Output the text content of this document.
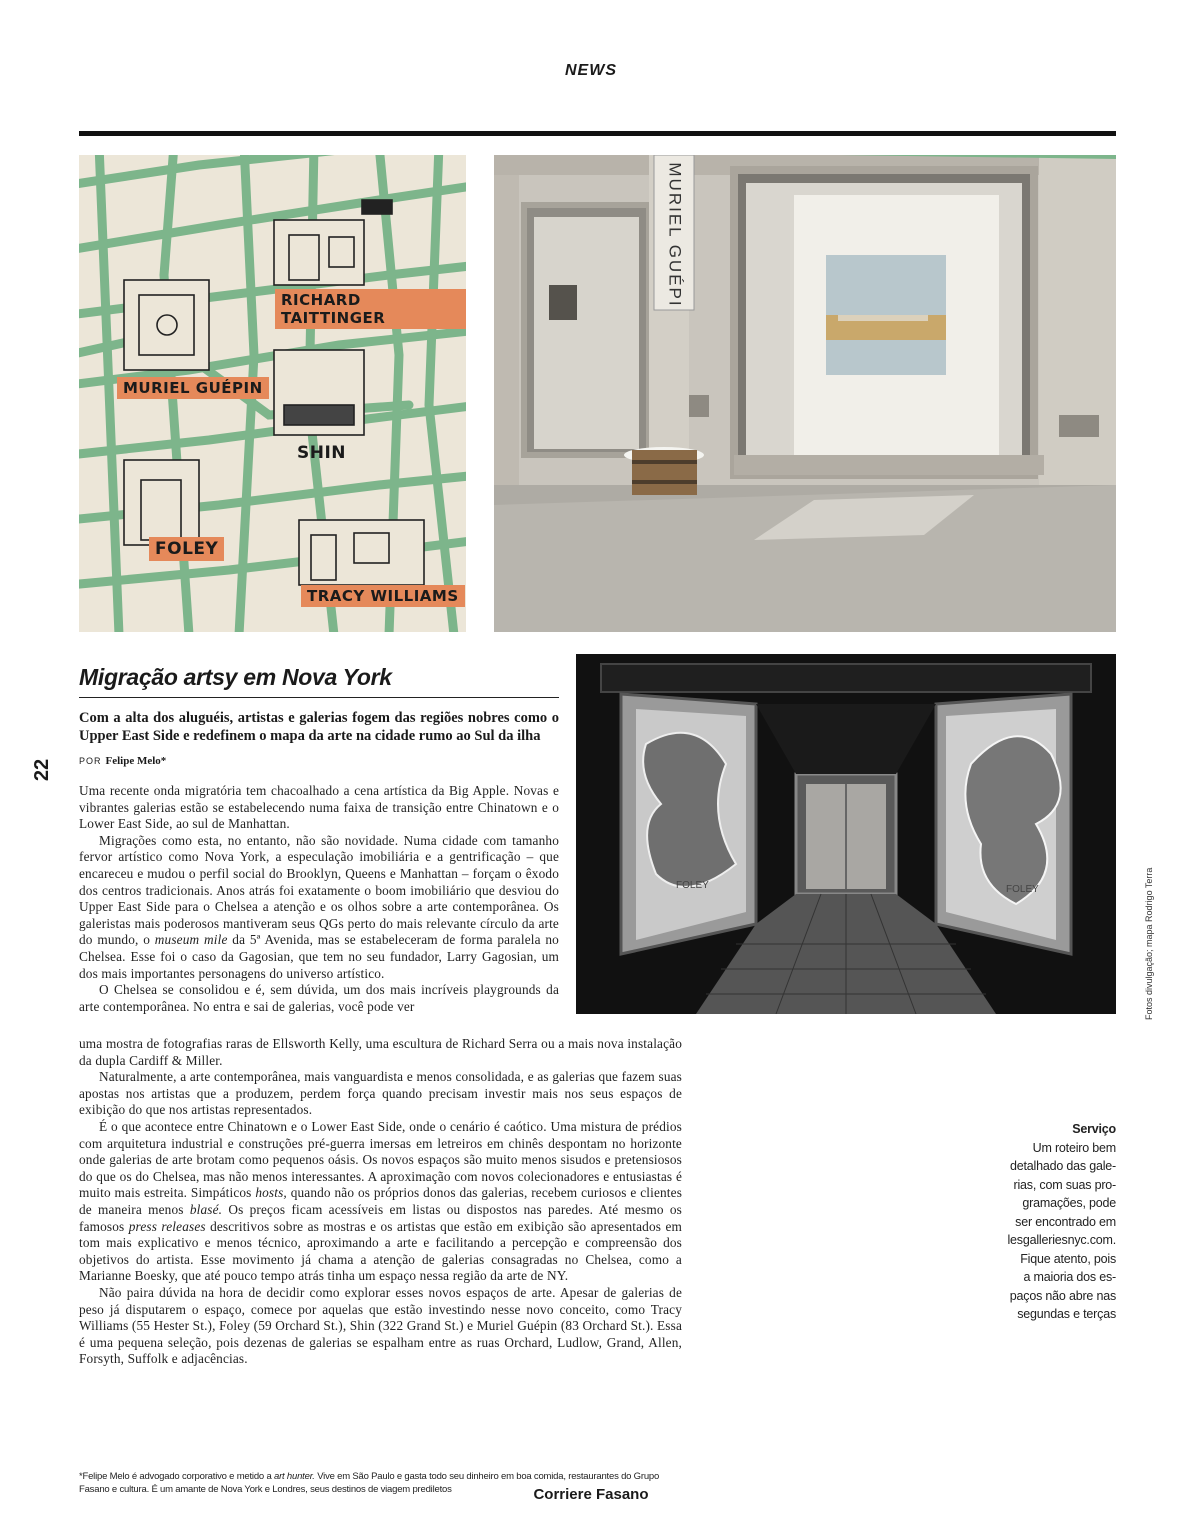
NEWS
RICHARD TAITTINGER
MURIEL GUÉPIN
SHIN
FOLEY
TRACY WILLIAMS
MURIEL GUÉPI
FOLEY	FOLEY	Fotos divulgação; mapa Rodrigo Terra
22
Migração artsy em Nova York
Com a alta dos aluguéis, artistas e galerias fogem das regiões nobres como o Upper East Side e redefinem o mapa da arte na cidade rumo ao Sul da ilha
POR Felipe Melo*

Uma recente onda migratória tem chacoalhado a cena artística da Big Apple. Novas e vibrantes galerias estão se estabelecendo numa faixa de transição entre Chinatown e o Lower East Side, ao sul de Manhattan.

Migrações como esta, no entanto, não são novidade. Numa cidade com tamanho fervor artístico como Nova York, a especulação imobiliária e a gentrificação – que encareceu e mudou o perfil social do Brooklyn, Queens e Manhattan – forçam o êxodo dos centros tradicionais. Anos atrás foi exatamente o boom imobiliário que desviou do Upper East Side para o Chelsea a atenção e os olhos sobre a arte contemporânea. Os galeristas mais poderosos mantiveram seus QGs perto do mais relevante círculo da arte do mundo, o museum mile da 5ª Avenida, mas se estabeleceram de forma paralela no Chelsea. Esse foi o caso da Gagosian, que tem no seu fundador, Larry Gagosian, um dos mais importantes personagens do universo artístico.

O Chelsea se consolidou e é, sem dúvida, um dos mais incríveis playgrounds da arte contemporânea. No entra e sai de galerias, você pode ver

uma mostra de fotografias raras de Ellsworth Kelly, uma escultura de Richard Serra ou a mais nova instalação da dupla Cardiff & Miller.

Naturalmente, a arte contemporânea, mais vanguardista e menos consolidada, e as galerias que fazem suas apostas nos artistas que a produzem, perdem força quando precisam investir mais nos seus espaços de exibição do que nos artistas representados.

É o que acontece entre Chinatown e o Lower East Side, onde o cenário é caótico. Uma mistura de prédios com arquitetura industrial e construções pré-guerra imersas em letreiros em chinês despontam no horizonte onde galerias de arte brotam como pequenos oásis. Os novos espaços são muito menos sisudos e pretensiosos do que os do Chelsea, mas não menos interessantes. A aproximação com novos colecionadores e entusiastas é muito mais estreita. Simpáticos hosts, quando não os próprios donos das galerias, recebem curiosos e clientes de maneira menos blasé. Os preços ficam acessíveis em listas ou dispostos nas paredes. Até mesmo os famosos press releases descritivos sobre as mostras e os artistas que estão em exibição são apresentados em tom mais explicativo e menos técnico, aproximando a arte e facilitando a percepção e compreensão dos objetivos do artista. Esse movimento já chama a atenção de galerias consagradas no Chelsea, como a Marianne Boesky, que até pouco tempo atrás tinha um espaço nessa região da arte de NY.

Não paira dúvida na hora de decidir como explorar esses novos espaços de arte. Apesar de galerias de peso já disputarem o espaço, comece por aquelas que estão investindo nesse novo conceito, como Tracy Williams (55 Hester St.), Foley (59 Orchard St.), Shin (322 Grand St.) e Muriel Guépin (83 Orchard St.). Essa é uma pequena seleção, pois dezenas de galerias se espalham entre as ruas Orchard, Ludlow, Grand, Allen, Forsyth, Suffolk e adjacências.

*Felipe Melo é advogado corporativo e metido a art hunter. Vive em São Paulo e gasta todo seu dinheiro em boa comida, restaurantes do Grupo Fasano e cultura. É um amante de Nova York e Londres, seus destinos de viagem prediletos
Serviço
Um roteiro bem
detalhado das gale-
rias, com suas pro-
gramações, pode
ser encontrado em
lesgalleriesnyc.com.
Fique atento, pois
a maioria dos es-
paços não abre nas
segundas e terças
Corriere Fasano
